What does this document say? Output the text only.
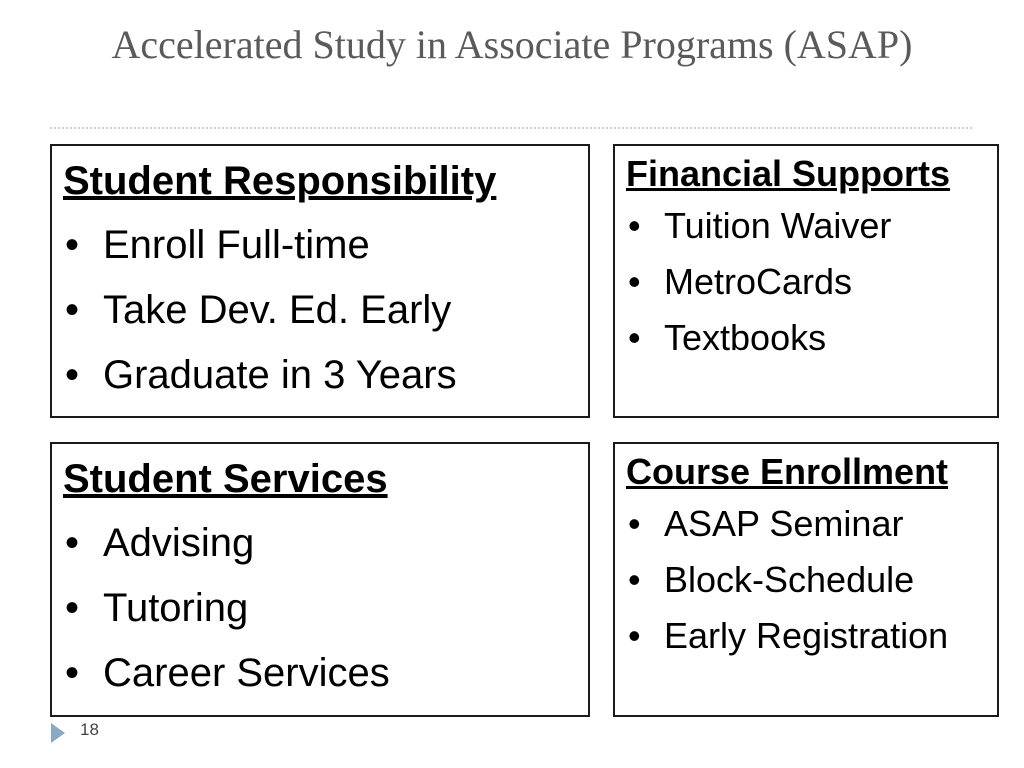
Accelerated Study in Associate Programs (ASAP)
Student Responsibility
• Enroll Full-time
• Take Dev. Ed. Early
• Graduate in 3 Years
Financial Supports
• Tuition Waiver
• MetroCards
• Textbooks
Student Services
• Advising
• Tutoring
• Career Services
Course Enrollment
• ASAP Seminar
• Block-Schedule
• Early Registration
18
